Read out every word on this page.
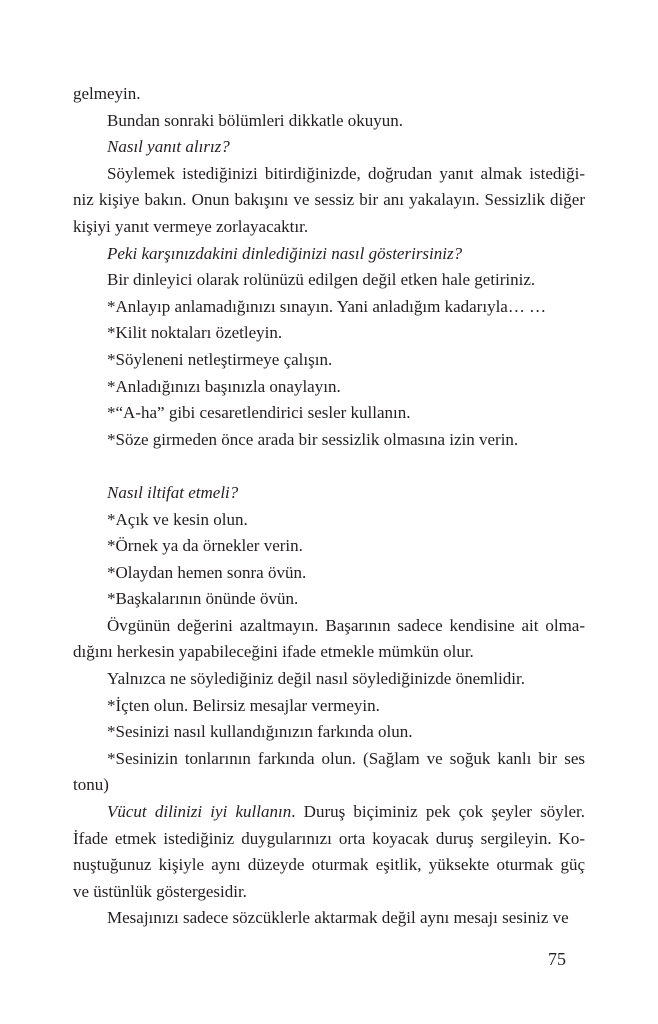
gelmeyin.

Bundan sonraki bölümleri dikkatle okuyun.

Nasıl yanıt alırız?

Söylemek istediğinizi bitirdiğinizde, doğrudan yanıt almak istediği-
niz kişiye bakın. Onun bakışını ve sessiz bir anı yakalayın. Sessizlik diğer
kişiyi yanıt vermeye zorlayacaktır.

Peki karşınızdakini dinlediğinizi nasıl gösterirsiniz?

Bir dinleyici olarak rolünüzü edilgen değil etken hale getiriniz.

*Anlayıp anlamadığınızı sınayın. Yani anladığım kadarıyla… …

*Kilit noktaları özetleyin.

*Söyleneni netleştirmeye çalışın.

*Anladığınızı başınızla onaylayın.

*“A-ha” gibi cesaretlendirici sesler kullanın.

*Söze girmeden önce arada bir sessizlik olmasına izin verin.

Nasıl iltifat etmeli?

*Açık ve kesin olun.

*Örnek ya da örnekler verin.

*Olaydan hemen sonra övün.

*Başkalarının önünde övün.

Övgünün değerini azaltmayın. Başarının sadece kendisine ait olma-
dığını herkesin yapabileceğini ifade etmekle mümkün olur.

Yalnızca ne söylediğiniz değil nasıl söylediğinizde önemlidir.

*İçten olun. Belirsiz mesajlar vermeyin.

*Sesinizi nasıl kullandığınızın farkında olun.

*Sesinizin tonlarının farkında olun. (Sağlam ve soğuk kanlı bir ses
tonu)

Vücut dilinizi iyi kullanın. Duruş biçiminiz pek çok şeyler söyler.
İfade etmek istediğiniz duygularınızı orta koyacak duruş sergileyin. Ko-
nuştuğunuz kişiyle aynı düzeyde oturmak eşitlik, yüksekte oturmak güç
ve üstünlük göstergesidir.

Mesajınızı sadece sözcüklerle aktarmak değil aynı mesajı sesiniz ve

75
